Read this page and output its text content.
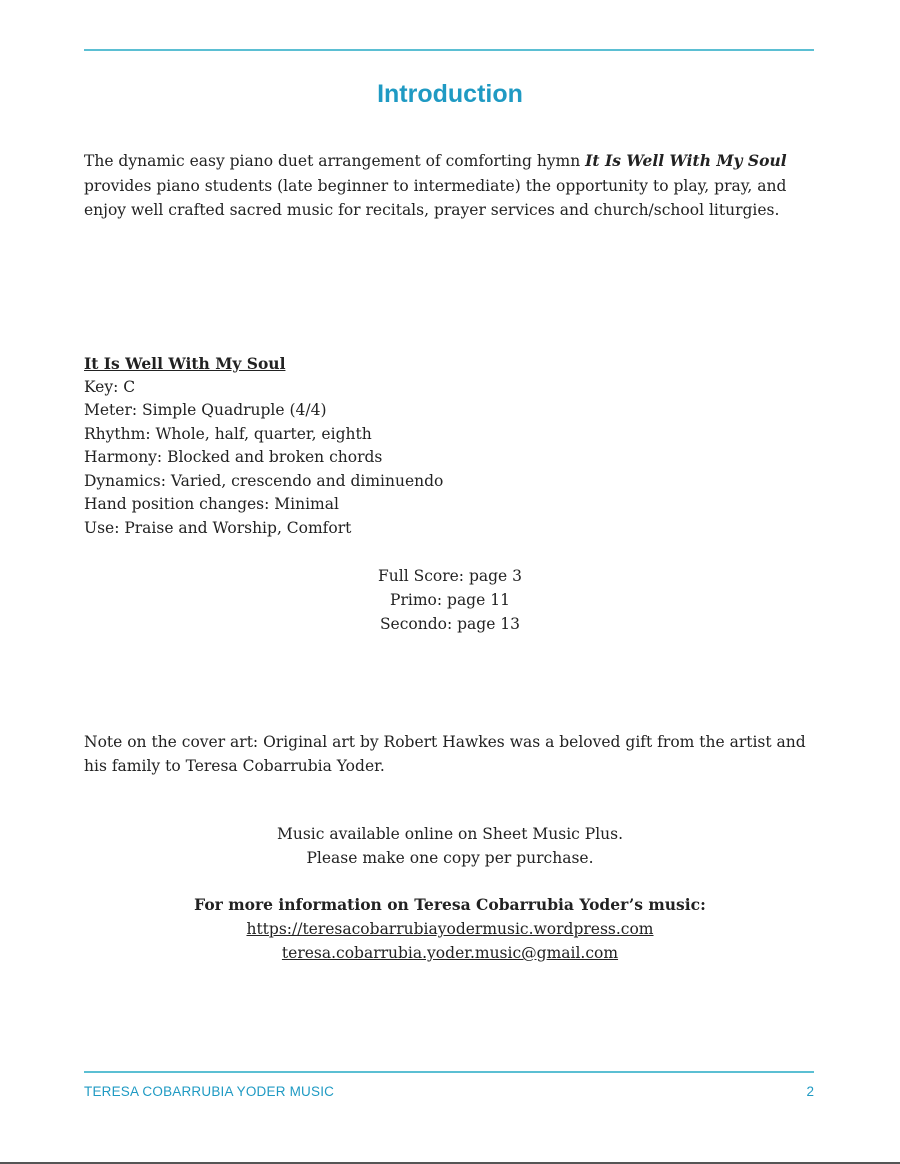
Introduction
The dynamic easy piano duet arrangement of comforting hymn It Is Well With My Soul provides piano students (late beginner to intermediate) the opportunity to play, pray, and enjoy well crafted sacred music for recitals, prayer services and church/school liturgies.
It Is Well With My Soul
Key: C
Meter: Simple Quadruple (4/4)
Rhythm: Whole, half, quarter, eighth
Harmony: Blocked and broken chords
Dynamics: Varied, crescendo and diminuendo
Hand position changes: Minimal
Use: Praise and Worship, Comfort
Full Score: page 3
Primo: page 11
Secondo: page 13
Note on the cover art: Original art by Robert Hawkes was a beloved gift from the artist and his family to Teresa Cobarrubia Yoder.
Music available online on Sheet Music Plus.
Please make one copy per purchase.
For more information on Teresa Cobarrubia Yoder’s music:
https://teresacobarrubiayodermusic.wordpress.com
teresa.cobarrubia.yoder.music@gmail.com
TERESA COBARRUBIA YODER MUSIC	2
